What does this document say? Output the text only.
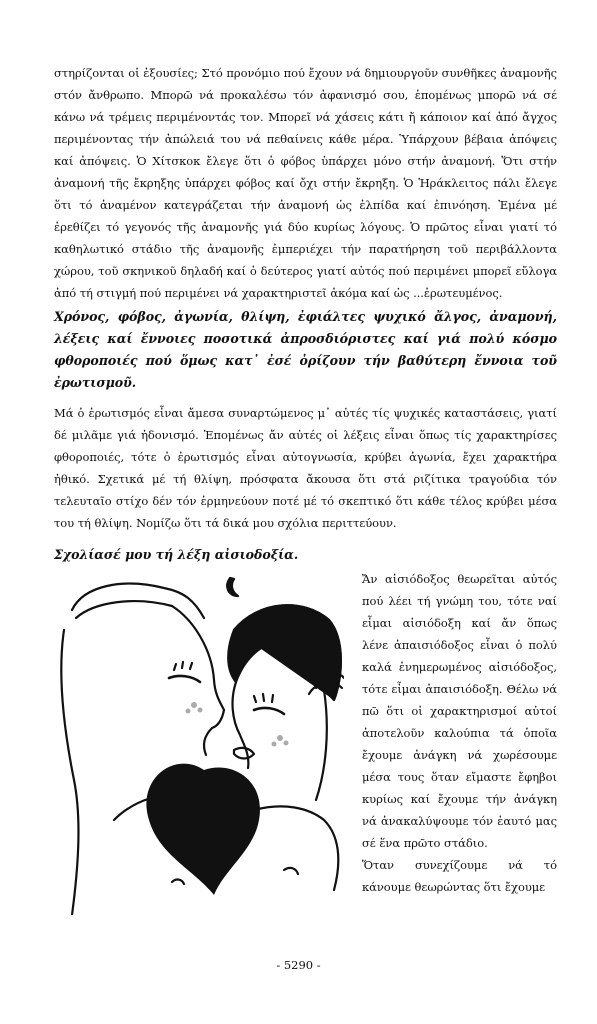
στηρίζονται οἱ ἐξουσίες; Στό προνόμιο πού ἔχουν νά δημιουργοῦν συνθῆκες ἀναμονῆς στόν ἄνθρωπο. Μπορῶ νά προκαλέσω τόν ἀφανισμό σου, ἑπομένως μπορῶ νά σέ κάνω νά τρέμεις περιμένοντάς τον. Μπορεῖ νά χάσεις κάτι ἤ κάποιον καί ἀπό ἄγχος περιμένοντας τήν ἀπώλειά του νά πεθαίνεις κάθε μέρα. Ὑπάρχουν βέβαια ἀπόψεις καί ἀπόψεις. Ὁ Χίτσκοκ ἔλεγε ὅτι ὁ φόβος ὑπάρχει μόνο στήν ἀναμονή. Ὅτι στήν ἀναμονή τῆς ἔκρηξης ὑπάρχει φόβος καί ὄχι στήν ἔκρηξη. Ὁ Ἡράκλειτος πάλι ἔλεγε ὅτι τό ἀναμένον κατεγράζεται τήν ἀναμονή ὡς ἐλπίδα καί ἐπινόηση. Ἐμένα μέ ἐρεθίζει τό γεγονός τῆς ἀναμονῆς γιά δύο κυρίως λόγους. Ὁ πρῶτος εἶναι γιατί τό καθηλωτικό στάδιο τῆς ἀναμονῆς ἐμπεριέχει τήν παρατήρηση τοῦ περιβάλλοντα χώρου, τοῦ σκηνικοῦ δηλαδή καί ὁ δεύτερος γιατί αὐτός πού περιμένει μπορεῖ εὔλογα ἀπό τή στιγμή πού περιμένει νά χαρακτηριστεῖ ἀκόμα καί ὡς ...ἐρωτευμένος.

Χρόνος, φόβος, ἀγωνία, θλίψη, ἐφιάλτες ψυχικό ἄλγος, ἀναμονή, λέξεις καί ἔννοιες ποσοτικά ἀπροσδιόριστες καί γιά πολύ κόσμο φθοροποιές πού ὅμως κατ᾽ ἐσέ ὁρίζουν τήν βαθύτερη ἔννοια τοῦ ἐρωτισμοῦ.

Μά ὁ ἐρωτισμός εἶναι ἄμεσα συναρτώμενος μ᾽ αὐτές τίς ψυχικές καταστάσεις, γιατί δέ μιλᾶμε γιά ἡδονισμό. Ἑπομένως ἄν αὐτές οἱ λέξεις εἶναι ὅπως τίς χαρακτηρίσες φθοροποιές, τότε ὁ ἐρωτισμός εἶναι αὐτογνωσία, κρύβει ἀγωνία, ἔχει χαρακτήρα ἠθικό. Σχετικά μέ τή θλίψη, πρόσφατα ἄκουσα ὅτι στά ριζίτικα τραγούδια τόν τελευταῖο στίχο δέν τόν ἑρμηνεύουν ποτέ μέ τό σκεπτικό ὅτι κάθε τέλος κρύβει μέσα του τή θλίψη. Νομίζω ὅτι τά δικά μου σχόλια περιττεύουν.

Σχολίασέ μου τή λέξη αἰσιοδοξία.

Ἄν αἰσιόδοξος θεωρεῖται αὐτός πού λέει τή γνώμη του, τότε ναί εἶμαι αἰσιόδοξη καί ἄν ὅπως λένε ἀπαισιόδοξος εἶναι ὁ πολύ καλά ἐνημερωμένος αἰσιόδοξος, τότε εἶμαι ἀπαισιόδοξη. Θέλω νά πῶ ὅτι οἱ χαρακτηρισμοί αὐτοί ἀποτελοῦν καλούπια τά ὁποῖα ἔχουμε ἀνάγκη νά χωρέσουμε μέσα τους ὅταν εἴμαστε ἔφηβοι κυρίως καί ἔχουμε τήν ἀνάγκη νά ἀνακαλύψουμε τόν ἑαυτό μας σέ ἕνα πρῶτο στάδιο.

Ὅταν συνεχίζουμε νά τό κάνουμε θεωρώντας ὅτι ἔχουμε

- 5290 -
